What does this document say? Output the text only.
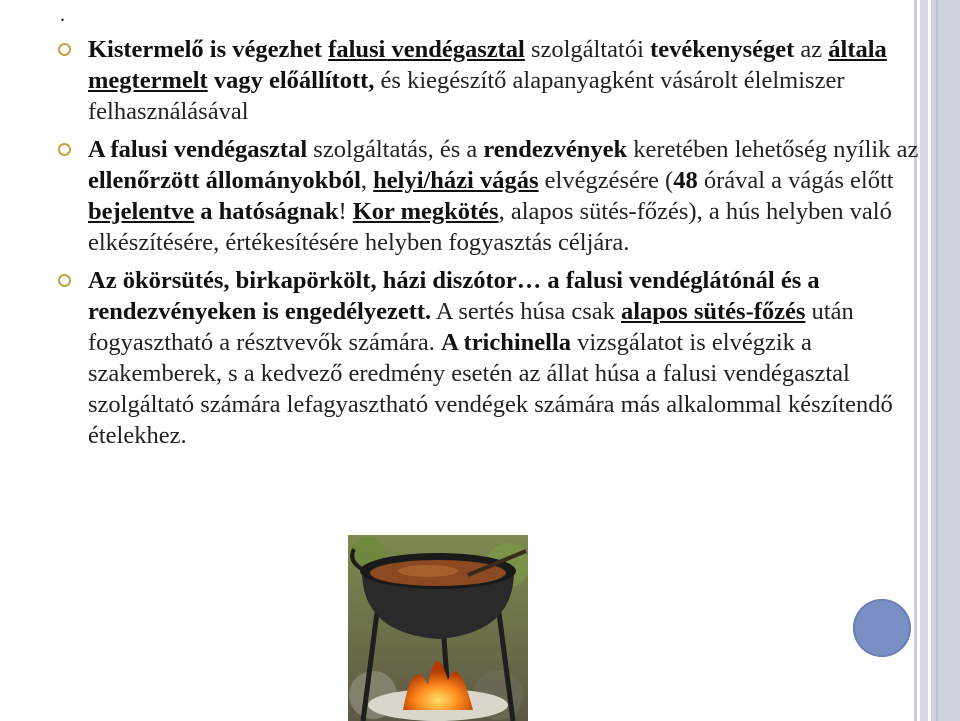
.

Kistermelő is végezhet falusi vendégasztal szolgáltatói tevékenységet az általa megtermelt vagy előállított, és kiegészítő alapanyagként vásárolt élelmiszer felhasználásával

A falusi vendégasztal szolgáltatás, és a rendezvények keretében lehetőség nyílik az ellenőrzött állományokból, helyi/házi vágás elvégzésére (48 órával a vágás előtt bejelentve a hatóságnak! Kor megkötés, alapos sütés-főzés), a hús helyben való elkészítésére, értékesítésére helyben fogyasztás céljára.

Az ökörsütés, birkapörkölt, házi diszótor… a falusi vendéglátónál és a rendezvényeken is engedélyezett. A sertés húsa csak alapos sütés-főzés után fogyasztható a résztvevők számára. A trichinella vizsgálatot is elvégzik a szakemberek, s a kedvező eredmény esetén az állat húsa a falusi vendégasztal szolgáltató számára lefagyasztható vendégek számára más alkalommal készítendő ételekhez.
